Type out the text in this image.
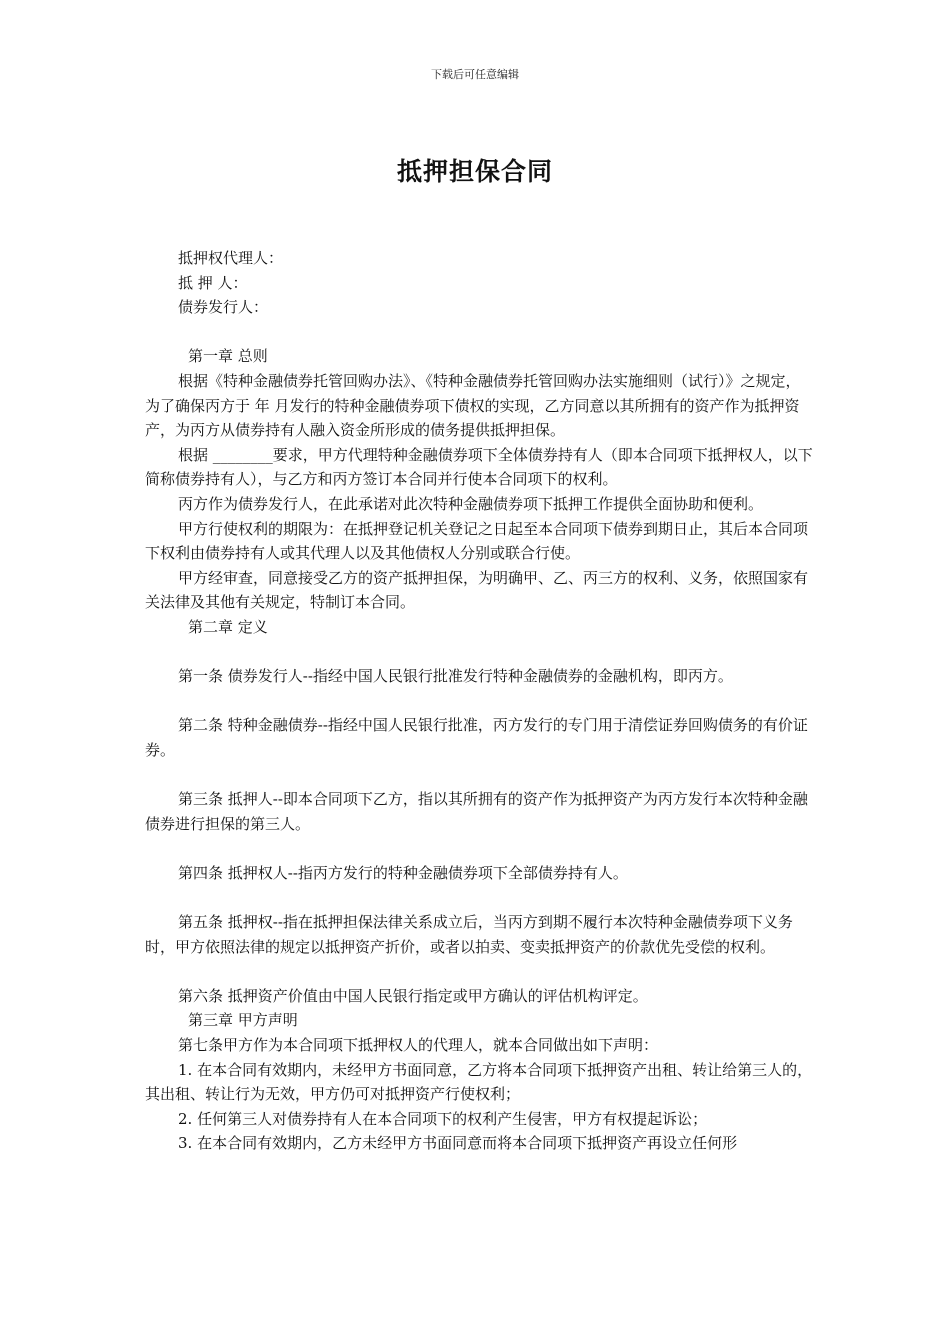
下载后可任意编辑
抵押担保合同

抵押权代理人：

抵 押 人：

债券发行人：

第一章 总则

根据《特种金融债券托管回购办法》、《特种金融债券托管回购办法实施细则（试行）》之规定，为了确保丙方于 年 月发行的特种金融债券项下债权的实现，乙方同意以其所拥有的资产作为抵押资产，为丙方从债券持有人融入资金所形成的债务提供抵押担保。

根据 ________要求，甲方代理特种金融债券项下全体债券持有人（即本合同项下抵押权人，以下简称债券持有人），与乙方和丙方签订本合同并行使本合同项下的权利。

丙方作为债券发行人，在此承诺对此次特种金融债券项下抵押工作提供全面协助和便利。

甲方行使权利的期限为：在抵押登记机关登记之日起至本合同项下债券到期日止，其后本合同项下权利由债券持有人或其代理人以及其他债权人分别或联合行使。

甲方经审查，同意接受乙方的资产抵押担保，为明确甲、乙、丙三方的权利、义务，依照国家有关法律及其他有关规定，特制订本合同。

第二章 定义

第一条 债券发行人--指经中国人民银行批准发行特种金融债券的金融机构，即丙方。

第二条 特种金融债券--指经中国人民银行批准，丙方发行的专门用于清偿证券回购债务的有价证券。

第三条 抵押人--即本合同项下乙方，指以其所拥有的资产作为抵押资产为丙方发行本次特种金融债券进行担保的第三人。

第四条 抵押权人--指丙方发行的特种金融债券项下全部债券持有人。

第五条 抵押权--指在抵押担保法律关系成立后，当丙方到期不履行本次特种金融债券项下义务时，甲方依照法律的规定以抵押资产折价，或者以拍卖、变卖抵押资产的价款优先受偿的权利。

第六条 抵押资产价值由中国人民银行指定或甲方确认的评估机构评定。

第三章 甲方声明

第七条甲方作为本合同项下抵押权人的代理人，就本合同做出如下声明：

1. 在本合同有效期内，未经甲方书面同意，乙方将本合同项下抵押资产出租、转让给第三人的，其出租、转让行为无效，甲方仍可对抵押资产行使权利；

2. 任何第三人对债券持有人在本合同项下的权利产生侵害，甲方有权提起诉讼；

3. 在本合同有效期内，乙方未经甲方书面同意而将本合同项下抵押资产再设立任何形
